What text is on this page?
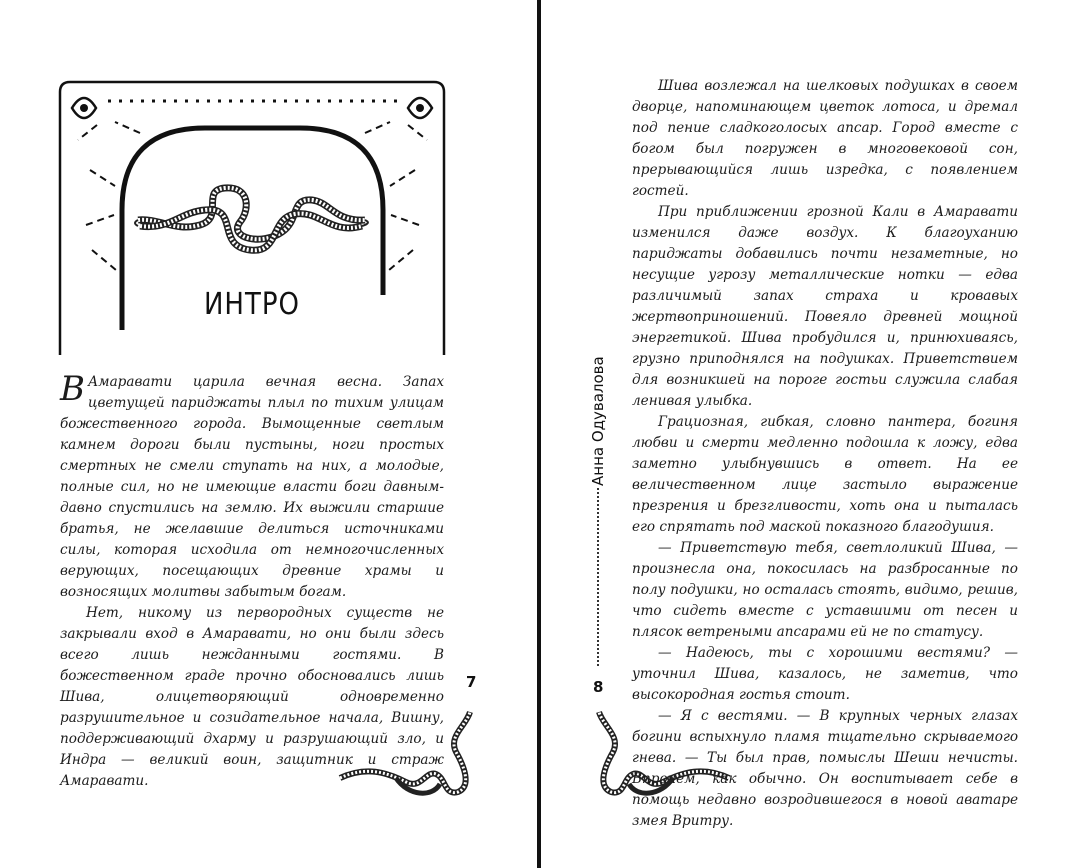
ИНТРО

В Амаравати царила вечная весна. Запах цветущей париджаты плыл по тихим улицам божественного города. Вымощенные светлым камнем дороги были пустыны, ноги простых смертных не смели ступать на них, а молодые, полные сил, но не имеющие власти боги давным-давно спустились на землю. Их выжили старшие братья, не желавшие делиться источниками силы, которая исходила от немногочисленных верующих, посещающих древние храмы и возносящих молитвы забытым богам.

Нет, никому из первородных существ не закрывали вход в Амаравати, но они были здесь всего лишь нежданными гостями. В божественном граде прочно обосновались лишь Шива, олицетворяющий одновременно разрушительное и созидательное начала, Вишну, поддерживающий дхарму и разрушающий зло, и Индра — великий воин, защитник и страж Амаравати.

7
Анна Одувалова
8

Шива возлежал на шелковых подушках в своем дворце, напоминающем цветок лотоса, и дремал под пение сладкоголосых апсар. Город вместе с богом был погружен в многовековой сон, прерывающийся лишь изредка, с появлением гостей.

При приближении грозной Кали в Амаравати изменился даже воздух. К благоуханию париджаты добавились почти незаметные, но несущие угрозу металлические нотки — едва различимый запах страха и кровавых жертвоприношений. Повеяло древней мощной энергетикой. Шива пробудился и, принюхиваясь, грузно приподнялся на подушках. Приветствием для возникшей на пороге гостьи служила слабая ленивая улыбка.

Грациозная, гибкая, словно пантера, богиня любви и смерти медленно подошла к ложу, едва заметно улыбнувшись в ответ. На ее величественном лице застыло выражение презрения и брезгливости, хоть она и пыталась его спрятать под маской показного благодушия.

— Приветствую тебя, светлоликий Шива, — произнесла она, покосилась на разбросанные по полу подушки, но осталась стоять, видимо, решив, что сидеть вместе с уставшими от песен и плясок ветреными апсарами ей не по статусу.

— Надеюсь, ты с хорошими вестями? — уточнил Шива, казалось, не заметив, что высокородная гостья стоит.

— Я с вестями. — В крупных черных глазах богини вспыхнуло пламя тщательно скрываемого гнева. — Ты был прав, помыслы Шеши нечисты. Впрочем, как обычно. Он воспитывает себе в помощь недавно возродившегося в новой аватаре змея Вритру.
